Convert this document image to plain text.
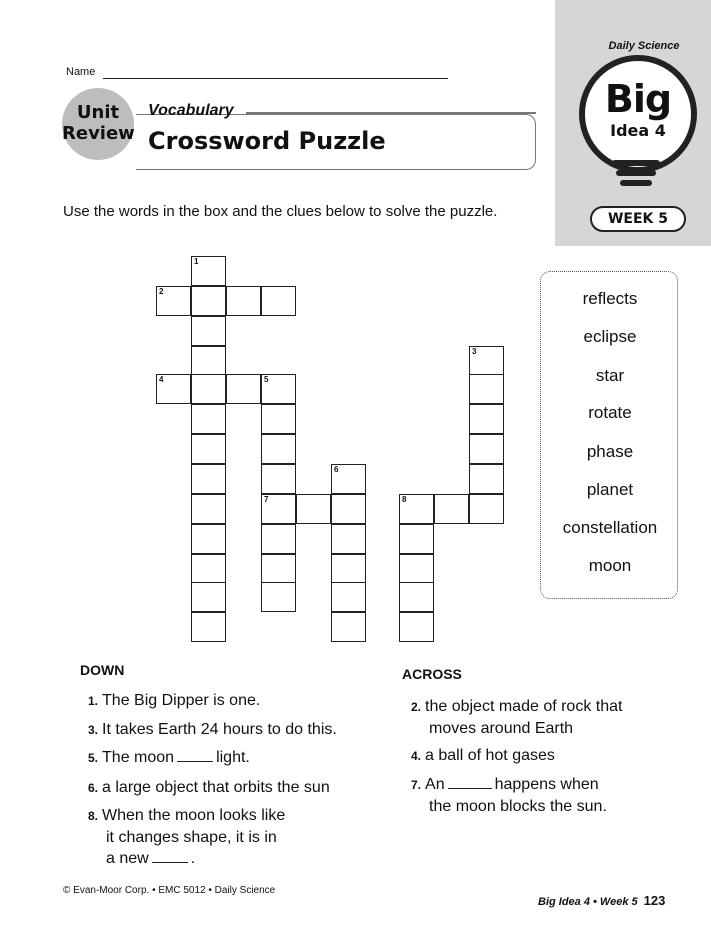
Daily Science
Big
Idea 4
WEEK 5
Name
Unit
Review
Vocabulary
Crossword Puzzle
Use the words in the box and the clues below to solve the puzzle.
1
2
4	5
7
6
8
3
reflects
eclipse
star
rotate
phase
planet
constellation
moon
DOWN
1. The Big Dipper is one.
3. It takes Earth 24 hours to do this.
5. The moon	light.
6. a large object that orbits the sun
8. When the moon looks like
it changes shape, it is in
a new	.
ACROSS
2. the object made of rock that
moves around Earth
4. a ball of hot gases
7. An	happens when
the moon blocks the sun.
© Evan-Moor Corp. • EMC 5012 • Daily Science
Big Idea 4 • Week 5 123
